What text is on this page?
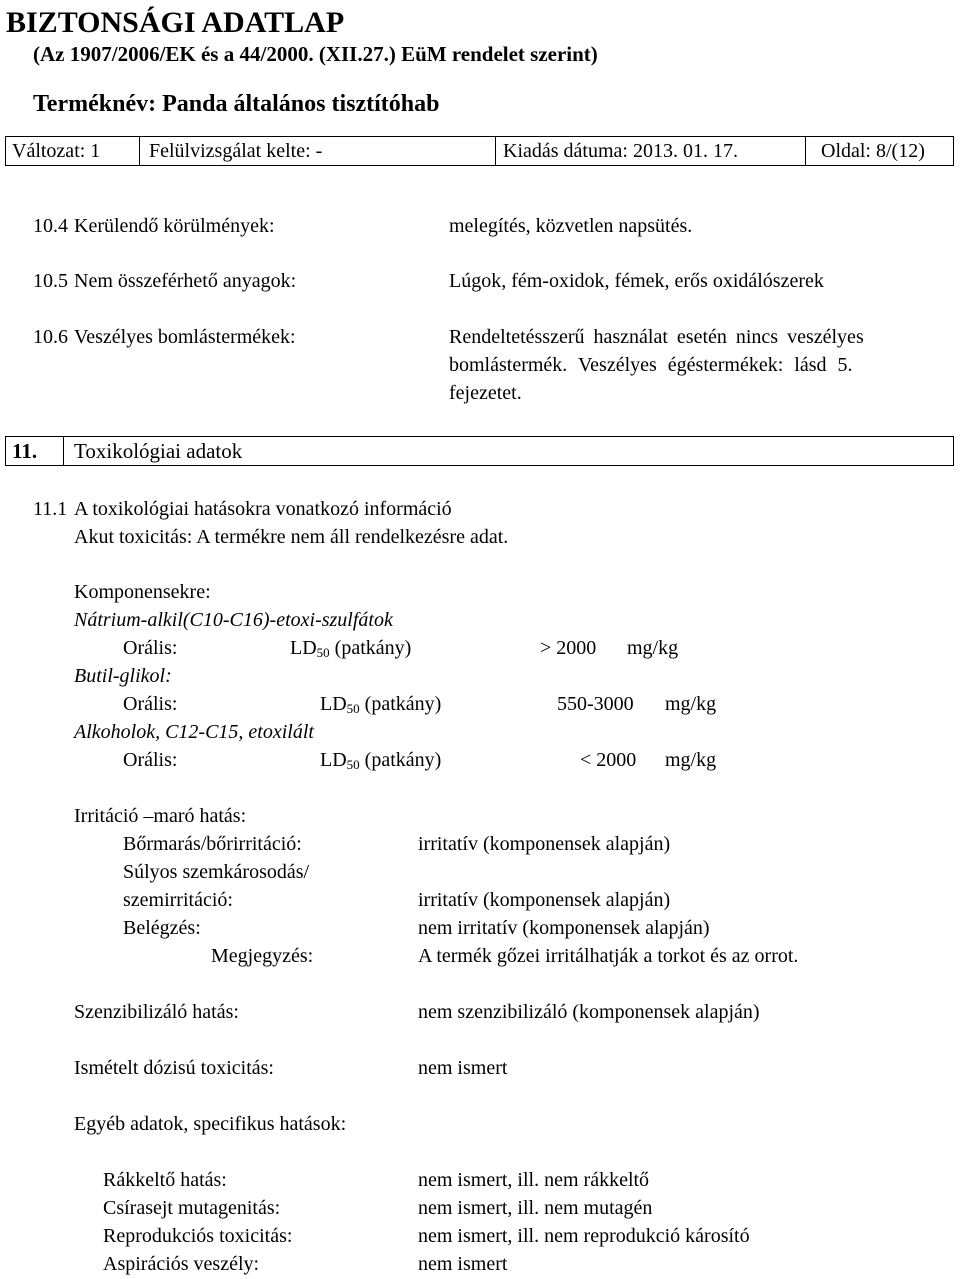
BIZTONSÁGI ADATLAP
(Az 1907/2006/EK és a 44/2000. (XII.27.) EüM rendelet szerint)
Terméknév: Panda általános tisztítóhab
Változat: 1 Felülvizsgálat kelte: -	Kiadás dátuma: 2013. 01. 17.	Oldal: 8/(12)
10.4 Kerülendő körülmények:	melegítés, közvetlen napsütés.
10.5 Nem összeférhető anyagok:	Lúgok, fém-oxidok, fémek, erős oxidálószerek
10.6 Veszélyes bomlástermékek:	Rendeltetésszerű használat esetén nincs veszélyes
bomlástermék. Veszélyes égéstermékek: lásd 5.
fejezetet.
11. Toxikológiai adatok
11.1 A toxikológiai hatásokra vonatkozó információ
Akut toxicitás: A termékre nem áll rendelkezésre adat.
Komponensekre:
Nátrium-alkil(C10-C16)-etoxi-szulfátok
Orális:	$LD_{50}$ (patkány)	> 2000 mg/kg
Butil-glikol:
Orális:	$LD_{50}$ (patkány)	550-3000 mg/kg
Alkoholok, C12-C15, etoxilált
Orális:	$LD_{50}$ (patkány)	< 2000 mg/kg
Irritáció –maró hatás:
Bőrmarás/bőrirritáció:	irritatív (komponensek alapján)
Súlyos szemkárosodás/
szemirritáció:	irritatív (komponensek alapján)
Belégzés:	nem irritatív (komponensek alapján)
Megjegyzés:	A termék gőzei irritálhatják a torkot és az orrot.
Szenzibilizáló hatás:	nem szenzibilizáló (komponensek alapján)
Ismételt dózisú toxicitás:	nem ismert
Egyéb adatok, specifikus hatások:
Rákkeltő hatás:	nem ismert, ill. nem rákkeltő
Csírasejt mutagenitás:	nem ismert, ill. nem mutagén
Reprodukciós toxicitás:	nem ismert, ill. nem reprodukció károsító
Aspirációs veszély:	nem ismert
